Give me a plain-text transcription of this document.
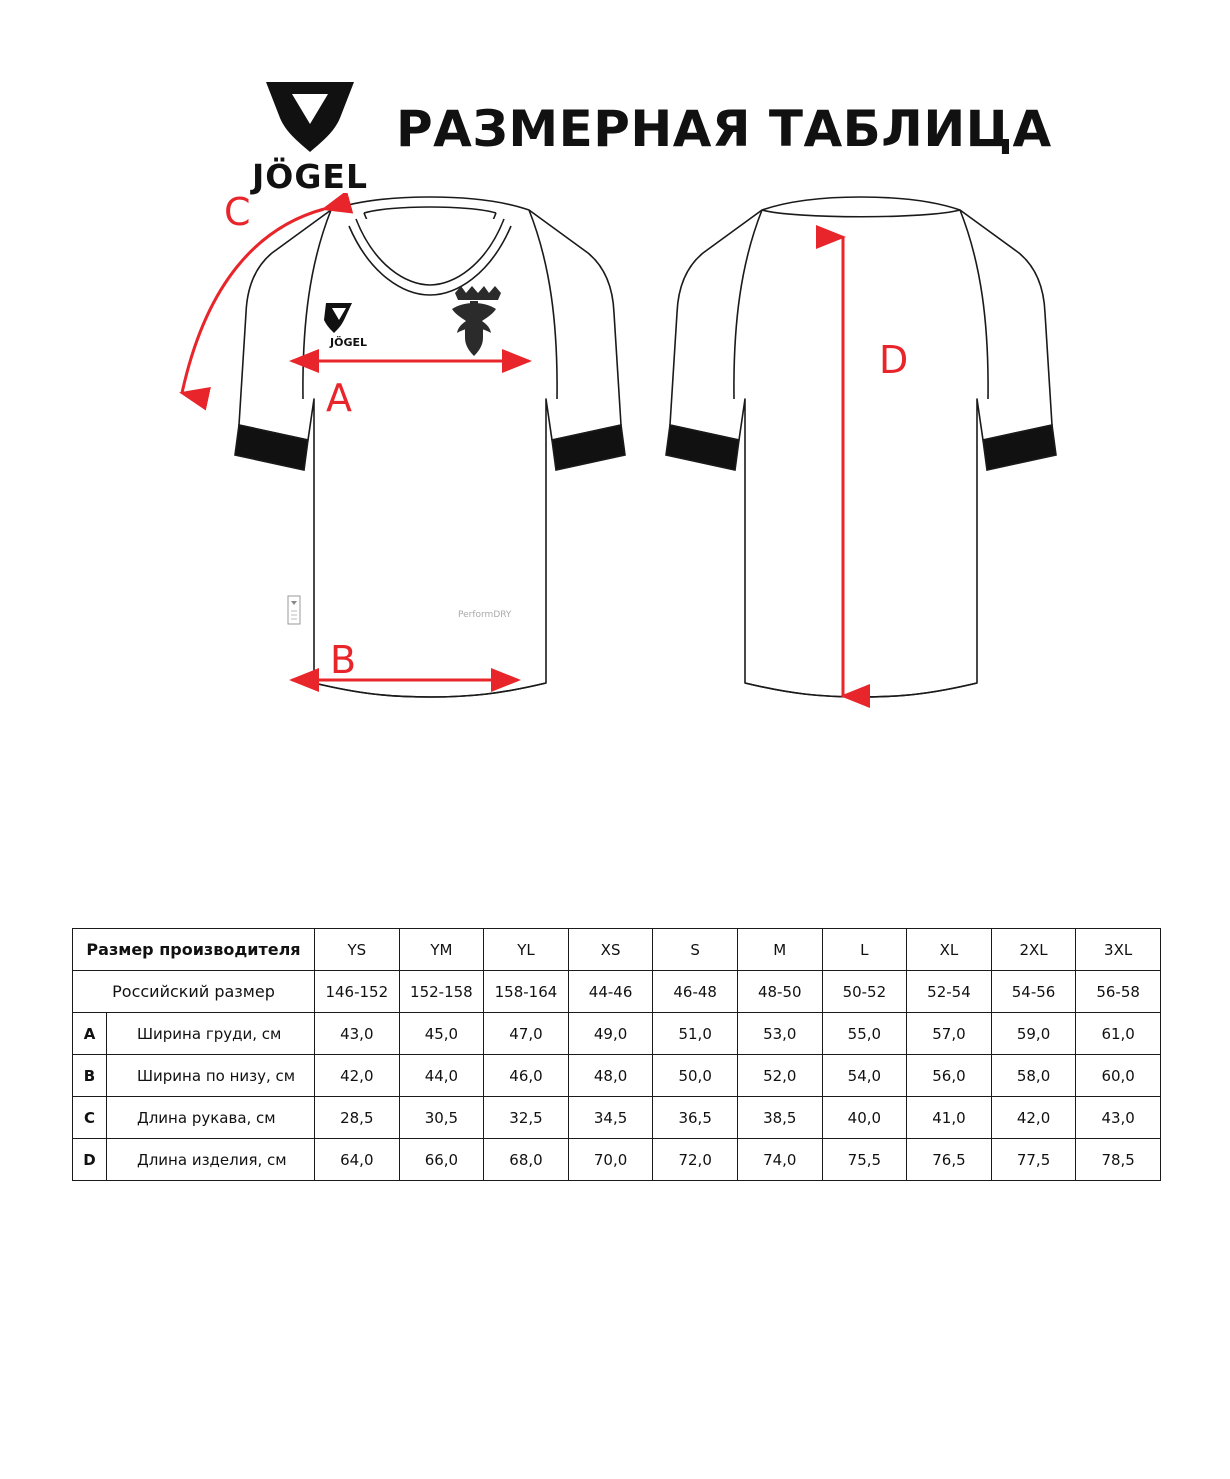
JÖGEL
РАЗМЕРНАЯ ТАБЛИЦА
JÖGEL
PerformDRY
A
B
C
D
Размер производителя		YS	YM	YL	XS	S	M	L	XL	2XL	3XL
Российский размер		146-152	152-158	158-164	44-46	46-48	48-50	50-52	52-54	54-56	56-58
A	Ширина груди, см	43,0	45,0	47,0	49,0	51,0	53,0	55,0	57,0	59,0	61,0
B	Ширина по низу, см	42,0	44,0	46,0	48,0	50,0	52,0	54,0	56,0	58,0	60,0
C	Длина рукава, см	28,5	30,5	32,5	34,5	36,5	38,5	40,0	41,0	42,0	43,0
D	Длина изделия, см	64,0	66,0	68,0	70,0	72,0	74,0	75,5	76,5	77,5	78,5
